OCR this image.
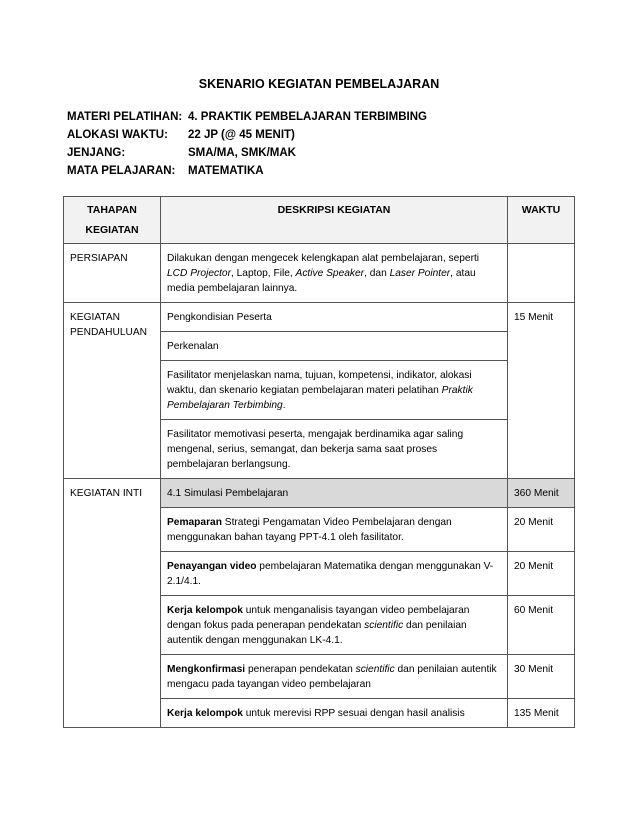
SKENARIO KEGIATAN PEMBELAJARAN
MATERI PELATIHAN: 4. PRAKTIK PEMBELAJARAN TERBIMBING
ALOKASI WAKTU: 22 JP (@ 45 MENIT)
JENJANG:	SMA/MA, SMK/MAK
MATA PELAJARAN: MATEMATIKA
TAHAPAN
KEGIATAN	DESKRIPSI KEGIATAN	WAKTU
PERSIAPAN	Dilakukan dengan mengecek kelengkapan alat pembelajaran, seperti LCD Projector, Laptop, File, Active Speaker, dan Laser Pointer, atau media pembelajaran lainnya.	
KEGIATAN PENDAHULUAN	Pengkondisian Peserta	15 Menit
	Perkenalan	
	Fasilitator menjelaskan nama, tujuan, kompetensi, indikator, alokasi waktu, dan skenario kegiatan pembelajaran materi pelatihan Praktik Pembelajaran Terbimbing.	
	Fasilitator memotivasi peserta, mengajak berdinamika agar saling mengenal, serius, semangat, dan bekerja sama saat proses pembelajaran berlangsung.	
KEGIATAN INTI	4.1 Simulasi Pembelajaran	360 Menit
	Pemaparan Strategi Pengamatan Video Pembelajaran dengan menggunakan bahan tayang PPT-4.1 oleh fasilitator.	20 Menit
	Penayangan video pembelajaran Matematika dengan menggunakan V-2.1/4.1.	20 Menit
	Kerja kelompok untuk menganalisis tayangan video pembelajaran dengan fokus pada penerapan pendekatan scientific dan penilaian autentik dengan menggunakan LK-4.1.	60 Menit
	Mengkonfirmasi penerapan pendekatan scientific dan penilaian autentik mengacu pada tayangan video pembelajaran	30 Menit
	Kerja kelompok untuk merevisi RPP sesuai dengan hasil analisis	135 Menit
